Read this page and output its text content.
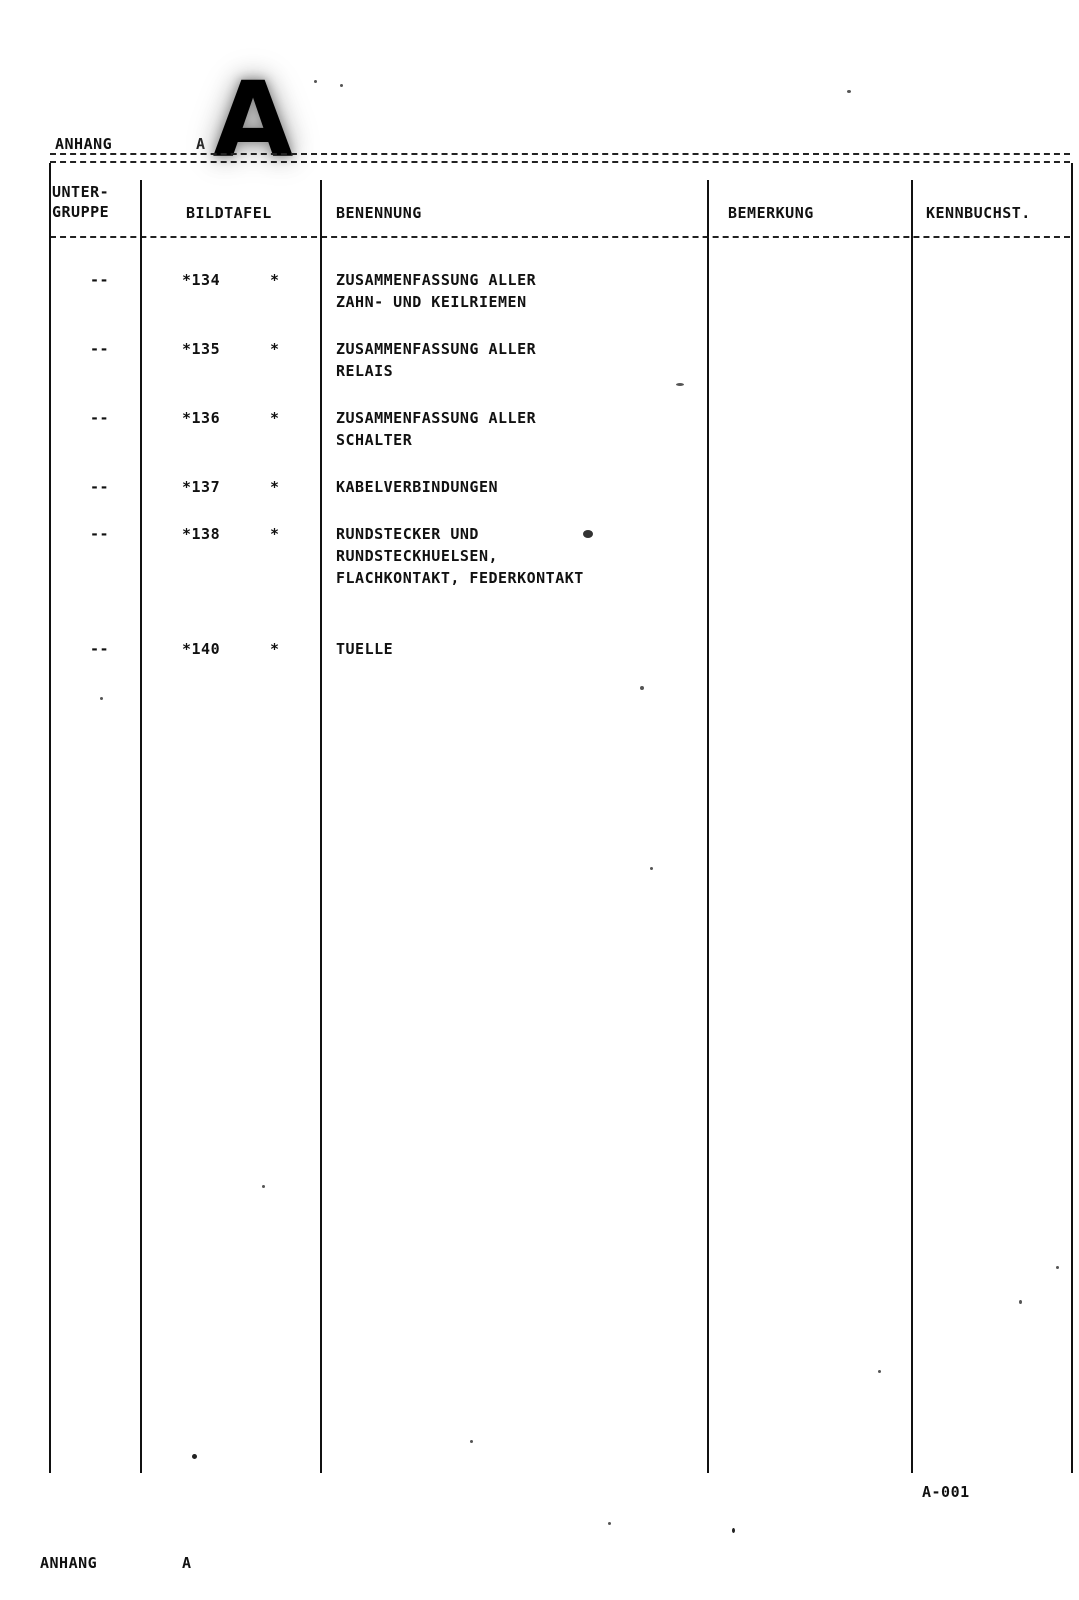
ANHANG	A A
UNTER-
GRUPPE	BILDTAFEL	BENENNUNG	BEMERKUNG	KENNBUCHST.
--	*134	*	ZUSAMMENFASSUNG ALLER
ZAHN- UND KEILRIEMEN
--	*135	*	ZUSAMMENFASSUNG ALLER
RELAIS
--	*136	*	ZUSAMMENFASSUNG ALLER
SCHALTER
--	*137	*	KABELVERBINDUNGEN
--	*138	*	RUNDSTECKER UND
RUNDSTECKHUELSEN,
FLACHKONTAKT, FEDERKONTAKT
--	*140	*	TUELLE
A-001
ANHANG	A
